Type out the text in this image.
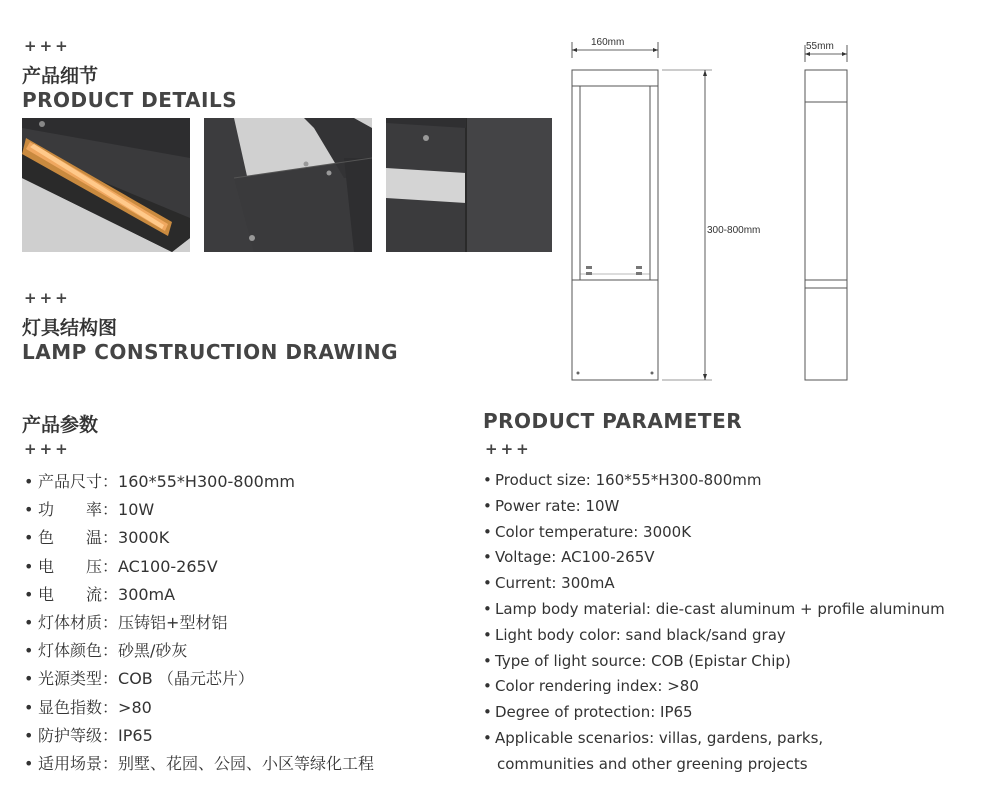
+++
产品细节
PRODUCT DETAILS
+++
灯具结构图
LAMP CONSTRUCTION DRAWING
160mm
300-800mm
55mm
产品参数
+++
• 产品尺寸：160*55*H300-800mm
• 功率：10W
• 色温：3000K
• 电压：AC100-265V
• 电流：300mA
• 灯体材质：压铸铝+型材铝
• 灯体颜色：砂黑/砂灰
• 光源类型：COB （晶元芯片）
• 显色指数：>80
• 防护等级：IP65
• 适用场景：别墅、花园、公园、小区等绿化工程
PRODUCT PARAMETER
+++
• Product size: 160*55*H300-800mm
• Power rate: 10W
• Color temperature: 3000K
• Voltage: AC100-265V
• Current: 300mA
• Lamp body material: die-cast aluminum + profile aluminum
• Light body color: sand black/sand gray
• Type of light source: COB (Epistar Chip)
• Color rendering index: >80
• Degree of protection: IP65
• Applicable scenarios: villas, gardens, parks,
communities and other greening projects
